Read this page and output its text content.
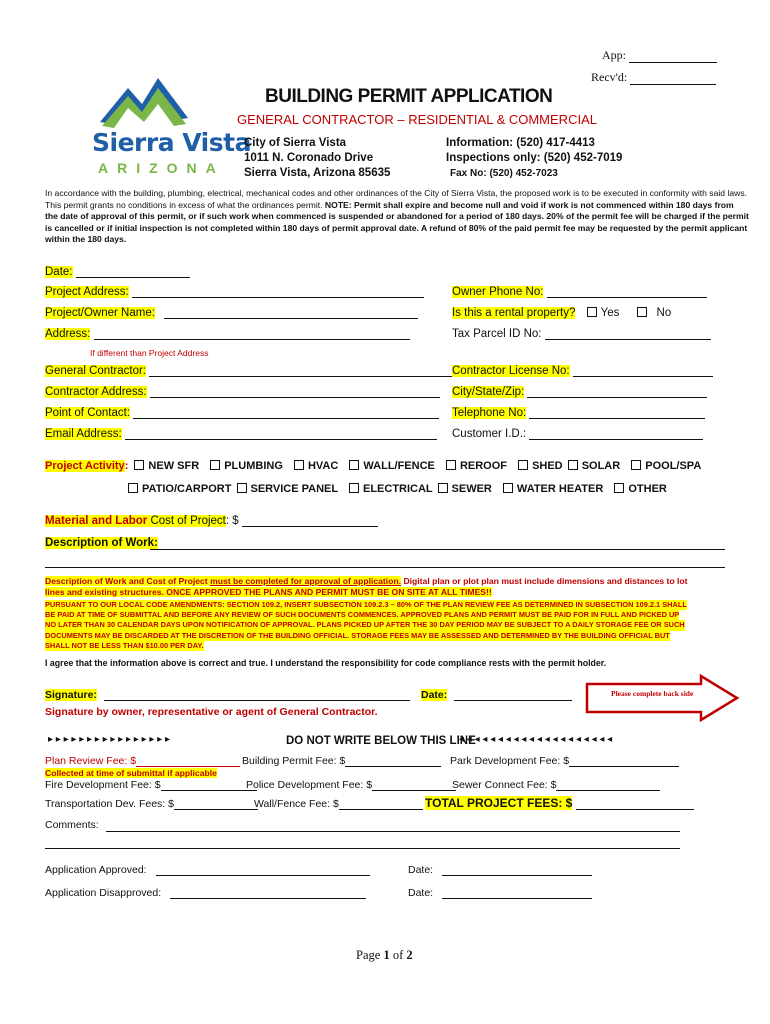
App:
Recv'd:
Sierra Vista
ARIZONA
BUILDING PERMIT APPLICATION
GENERAL CONTRACTOR – RESIDENTIAL & COMMERCIAL
City of Sierra Vista
1011 N. Coronado Drive
Sierra Vista, Arizona 85635
Information: (520) 417-4413
Inspections only: (520) 452-7019
Fax No: (520) 452-7023
In accordance with the building, plumbing, electrical, mechanical codes and other ordinances of the City of Sierra Vista, the proposed work is to be executed in conformity with said laws.
This permit grants no conditions in excess of what the ordinances permit. NOTE: Permit shall expire and become null and void if work is not commenced within 180 days from
the date of approval of this permit, or if such work when commenced is suspended or abandoned for a period of 180 days. 20% of the permit fee will be charged if the permit
is cancelled or if initial inspection is not completed within 180 days of permit approval date. A refund of 80% of the paid permit fee may be requested by the permit applicant
within the 180 days.
Date:
Project Address:	Owner Phone No:
Project/Owner Name:	Is this a rental property? Yes	No
Address:	Tax Parcel ID No:
If different than Project Address
General Contractor:	Contractor License No:
Contractor Address:	City/State/Zip:
Point of Contact:	Telephone No:
Email Address:	Customer I.D.:
Project Activity: NEW SFR PLUMBING HVAC WALL/FENCE REROOF SHED SOLAR POOL/SPA
PATIO/CARPORT SERVICE PANEL ELECTRICAL SEWER WATER HEATER OTHER
Material and Labor Cost of Project: $
Description of Work:
Description of Work and Cost of Project must be completed for approval of application. Digital plan or plot plan must include dimensions and distances to lot
lines and existing structures. ONCE APPROVED THE PLANS AND PERMIT MUST BE ON SITE AT ALL TIMES!!
PURSUANT TO OUR LOCAL CODE AMENDMENTS: SECTION 109.2, INSERT SUBSECTION 109.2.3 – 80% OF THE PLAN REVIEW FEE AS DETERMINED IN SUBSECTION 109.2.1 SHALL
BE PAID AT TIME OF SUBMITTAL AND BEFORE ANY REVIEW OF SUCH DOCUMENTS COMMENCES. APPROVED PLANS AND PERMIT MUST BE PAID FOR IN FULL AND PICKED UP
NO LATER THAN 30 CALENDAR DAYS UPON NOTIFICATION OF APPROVAL. PLANS PICKED UP AFTER THE 30 DAY PERIOD MAY BE SUBJECT TO A DAILY STORAGE FEE OR SUCH
DOCUMENTS MAY BE DISCARDED AT THE DISCRETION OF THE BUILDING OFFICIAL. STORAGE FEES MAY BE ASSESSED AND DETERMINED BY THE BUILDING OFFICIAL BUT
SHALL NOT BE LESS THAN $10.00 PER DAY.
I agree that the information above is correct and true. I understand the responsibility for code compliance rests with the permit holder.
Signature:	Date:	Please complete back side
Signature by owner, representative or agent of General Contractor.
▸ ▸ ▸ ▸ ▸ ▸ ▸ ▸ ▸ ▸ ▸ ▸ ▸ ▸ ▸ ▸	DO NOT WRITE BELOW THIS LINE
◂ ◂ ◂ ◂ ◂ ◂ ◂ ◂ ◂ ◂ ◂ ◂ ◂ ◂ ◂ ◂ ◂ ◂ ◂ ◂
Plan Review Fee: $	Building Permit Fee: $	Park Development Fee: $
Collected at time of submittal if applicable
Fire Development Fee: $	Police Development Fee: $	Sewer Connect Fee: $
Transportation Dev. Fees: $	Wall/Fence Fee: $	TOTAL PROJECT FEES: $
Comments:
Application Approved:	Date:
Application Disapproved:	Date:
Page 1 of 2
